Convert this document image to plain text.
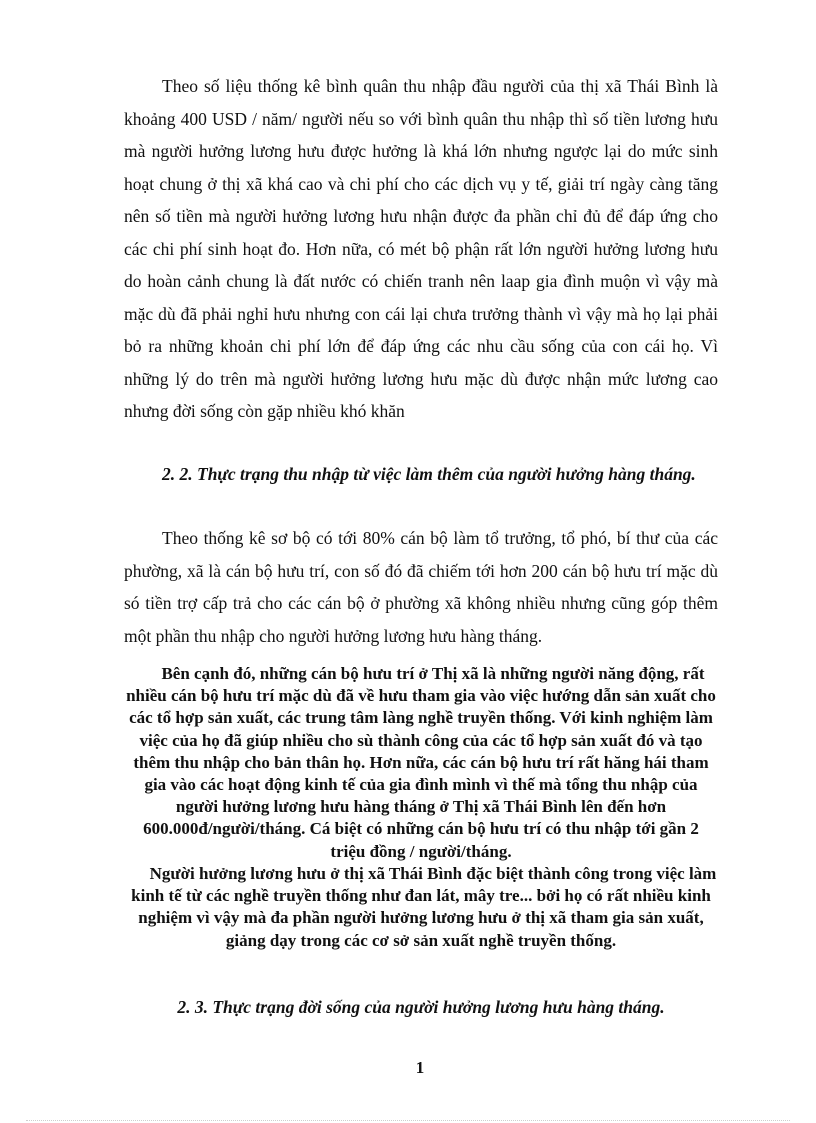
Theo số liệu thống kê bình quân thu nhập đầu người của thị xã Thái Bình là khoảng 400 USD / năm/ người nếu so với bình quân thu nhập thì số tiền lương hưu mà người hưởng lương hưu được hưởng là khá lớn nhưng ngược lại do mức sinh hoạt chung ở thị xã khá cao và chi phí cho các dịch vụ y tế, giải trí ngày càng tăng nên số tiền mà người hưởng lương hưu nhận được đa phần chỉ đủ để đáp ứng cho các chi phí sinh hoạt đo. Hơn nữa, có mét bộ phận rất lớn người hưởng lương hưu do hoàn cảnh chung là đất nước có chiến tranh nên laap gia đình muộn vì vậy mà mặc dù đã phải nghỉ hưu nhưng con cái lại chưa trưởng thành vì vậy mà họ lại phải bỏ ra những khoản chi phí lớn để đáp ứng các nhu cầu sống của con cái họ. Vì những lý do trên mà người hưởng lương hưu mặc dù được nhận mức lương cao nhưng đời sống còn gặp nhiều khó khăn

2. 2. Thực trạng thu nhập từ việc làm thêm của người hưởng hàng tháng.

Theo thống kê sơ bộ có tới 80% cán bộ làm tổ trưởng, tổ phó, bí thư của các phường, xã là cán bộ hưu trí, con số đó đã chiếm tới hơn 200 cán bộ hưu trí mặc dù só tiền trợ cấp trả cho các cán bộ ở phường xã không nhiều nhưng cũng góp thêm một phần thu nhập cho người hưởng lương hưu hàng tháng.

Bên cạnh đó, những cán bộ hưu trí ở Thị xã là những người năng động, rất nhiều cán bộ hưu trí mặc dù đã về hưu tham gia vào việc hướng dẫn sản xuất cho các tổ hợp sản xuất, các trung tâm làng nghề truyền thống. Với kinh nghiệm làm việc của họ đã giúp nhiều cho sù thành công của các tổ hợp sản xuất đó và tạo thêm thu nhập cho bản thân họ. Hơn nữa, các cán bộ hưu trí rất hăng hái tham gia vào các hoạt động kinh tế của gia đình mình vì thế mà tổng thu nhập của người hưởng lương hưu hàng tháng ở Thị xã Thái Bình lên đến hơn 600.000đ/người/tháng. Cá biệt có những cán bộ hưu trí có thu nhập tới gần 2 triệu đồng / người/tháng.

Người hưởng lương hưu ở thị xã Thái Bình đặc biệt thành công trong việc làm kinh tế từ các nghề truyền thống như đan lát, mây tre... bởi họ có rất nhiều kinh nghiệm vì vậy mà đa phần người hưởng lương hưu ở thị xã tham gia sản xuất, giảng dạy trong các cơ sở sản xuất nghề truyền thống.

2. 3. Thực trạng đời sống của người hưởng lương hưu hàng tháng.

1
